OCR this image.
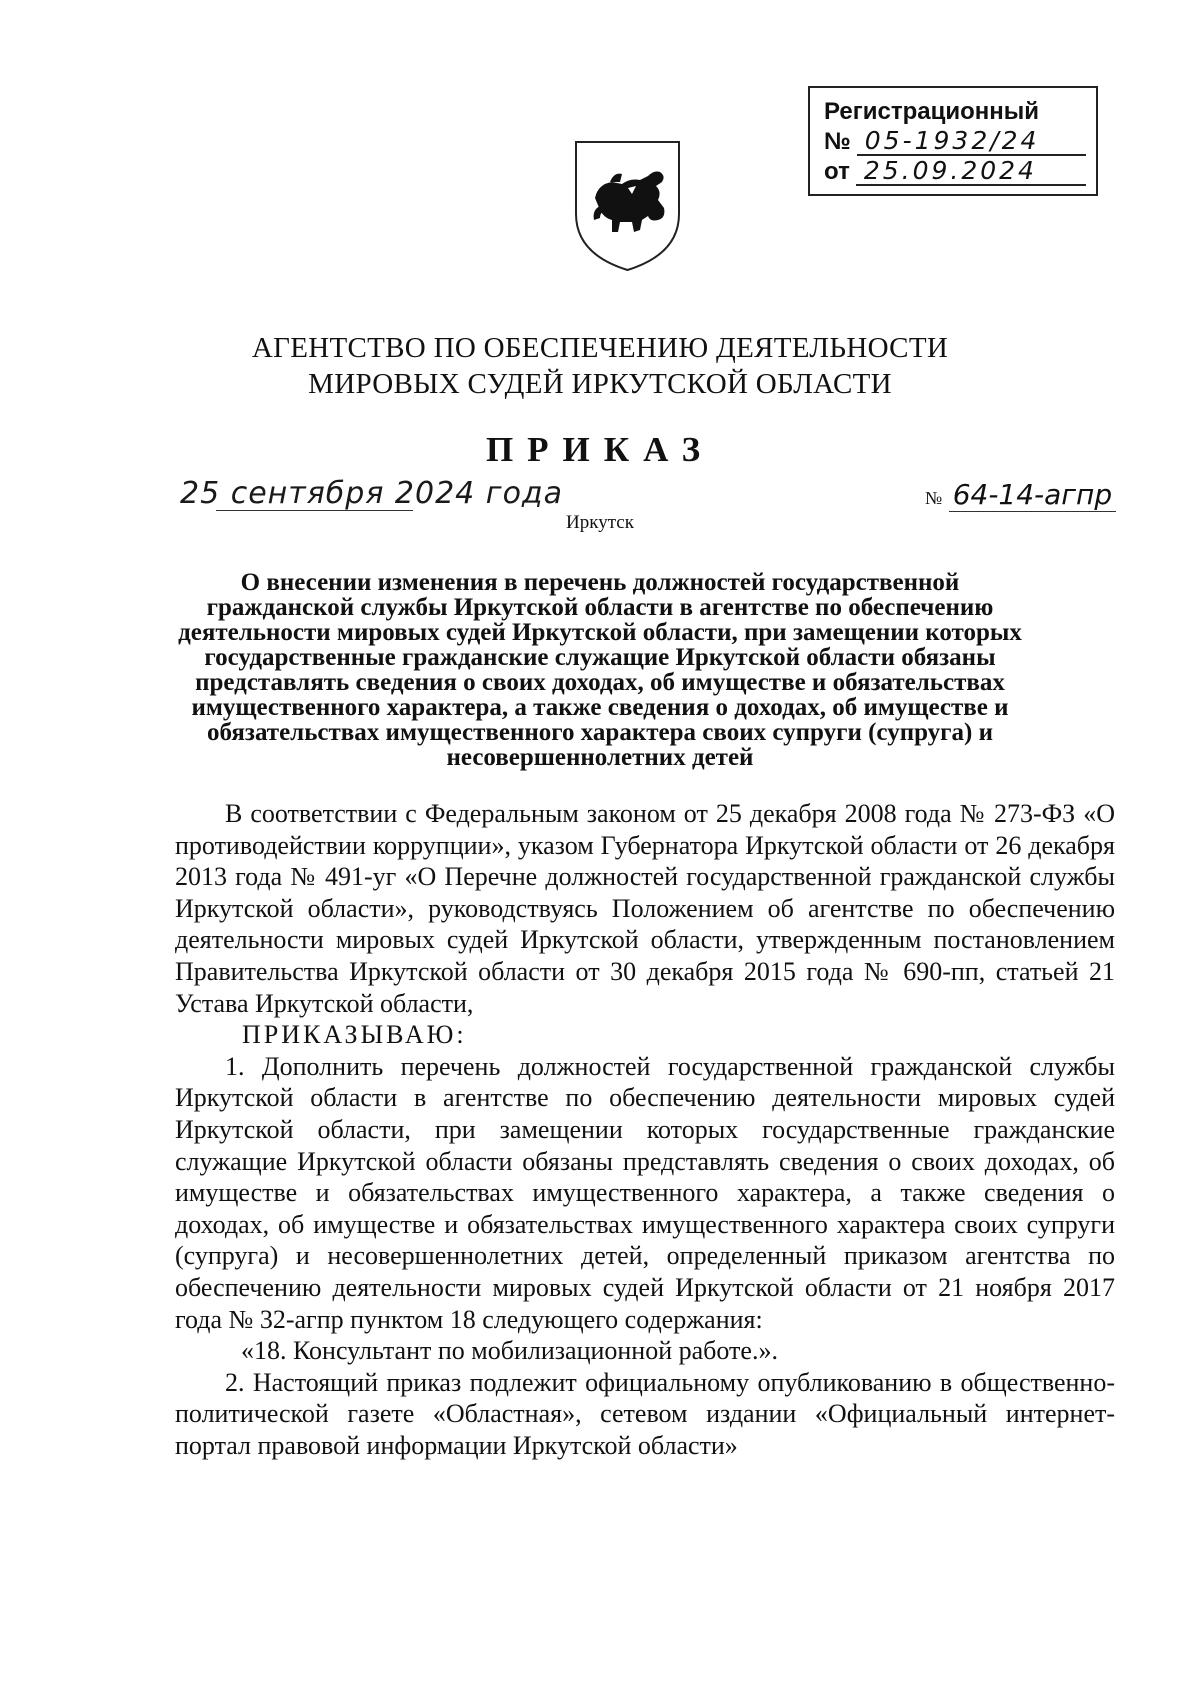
Регистрационный
№ 05-1932/24
от 25.09.2024
АГЕНТСТВО ПО ОБЕСПЕЧЕНИЮ ДЕЯТЕЛЬНОСТИ
МИРОВЫХ СУДЕЙ ИРКУТСКОЙ ОБЛАСТИ
ПРИКАЗ
25 сентября 2024 года	№ 64-14-агпр
Иркутск
О внесении изменения в перечень должностей государственной гражданской службы Иркутской области в агентстве по обеспечению деятельности мировых судей Иркутской области, при замещении которых государственные гражданские служащие Иркутской области обязаны представлять сведения о своих доходах, об имуществе и обязательствах имущественного характера, а также сведения о доходах, об имуществе и обязательствах имущественного характера своих супруги (супруга) и несовершеннолетних детей

В соответствии с Федеральным законом от 25 декабря 2008 года № 273-ФЗ «О противодействии коррупции», указом Губернатора Иркутской области от 26 декабря 2013 года № 491-уг «О Перечне должностей государственной гражданской службы Иркутской области», руководствуясь Положением об агентстве по обеспечению деятельности мировых судей Иркутской области, утвержденным постановлением Правительства Иркутской области от 30 декабря 2015 года № 690-пп, статьей 21 Устава Иркутской области,

ПРИКАЗЫВАЮ:

1. Дополнить перечень должностей государственной гражданской службы Иркутской области в агентстве по обеспечению деятельности мировых судей Иркутской области, при замещении которых государственные гражданские служащие Иркутской области обязаны представлять сведения о своих доходах, об имуществе и обязательствах имущественного характера, а также сведения о доходах, об имуществе и обязательствах имущественного характера своих супруги (супруга) и несовершеннолетних детей, определенный приказом агентства по обеспечению деятельности мировых судей Иркутской области от 21 ноября 2017 года № 32-агпр пунктом 18 следующего содержания:

«18. Консультант по мобилизационной работе.».

2. Настоящий приказ подлежит официальному опубликованию в общественно-политической газете «Областная», сетевом издании «Официальный интернет-портал правовой информации Иркутской области»
